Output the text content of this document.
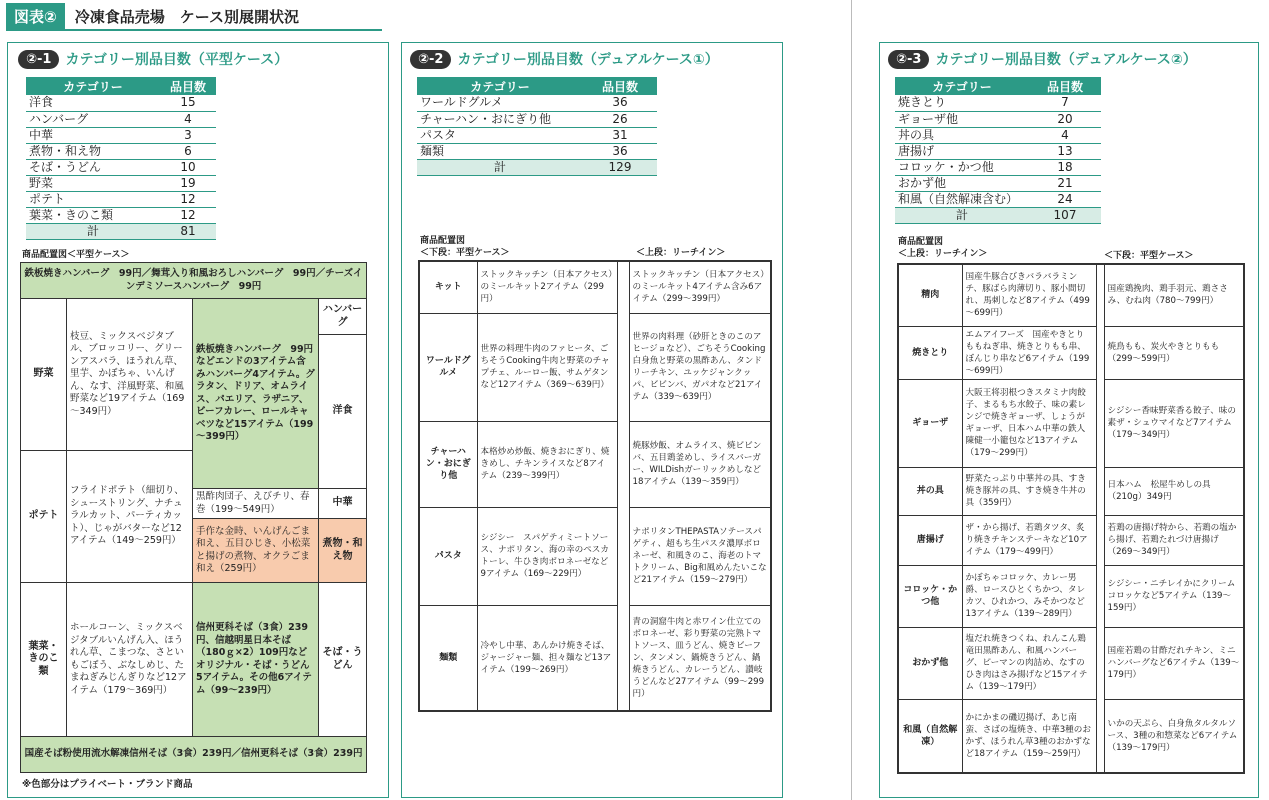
図表②	冷凍食品売場　ケース別展開状況
②-1	カテゴリー別品目数（平型ケース）
カテゴリー	品目数
洋食	15
ハンバーグ	4
中華	3
煮物・和え物	6
そば・うどん	10
野菜	19
ポテト	12
葉菜・きのこ類	12
計	81
商品配置図＜平型ケース＞
鉄板焼きハンバーグ　99円／舞茸入り和風おろしハンバーグ　99円／チーズインデミソースハンバーグ　99円			
野菜	枝豆、ミックスベジタブル、ブロッコリー、グリーンアスパラ、ほうれん草、里芋、かぼちゃ、いんげん、なす、洋風野菜、和風野菜など19アイテム（169～349円）	鉄板焼きハンバーグ　99円などエンドの3アイテム含みハンバーグ4アイテム。グラタン、ドリア、オムライス、パエリア、ラザニア、ビーフカレー、ロールキャベツなど15アイテム（199～399円）	ハンバーグ
			洋食
ポテト	フライドポテト（細切り、シューストリング、ナチュラルカット、パーティカット）、じゃがバターなど12アイテム（149～259円）		
		黒酢肉団子、えびチリ、春巻（199～549円）	中華
		手作な金時、いんげんごま和え、五目ひじき、小松菜と揚げの煮物、オクラごま和え（259円）	煮物・和え物
葉菜・きのこ類	ホールコーン、ミックスベジタブルいんげん入、ほうれん草、こまつな、さといもごぼう、ぶなしめじ、たまねぎみじんぎりなど12アイテム（179～369円）	信州更科そば（3食）239円、信越明星日本そば（180ｇ×2）109円などオリジナル・そば・うどん5アイテム。その他6アイテム（99～239円）	そば・うどん
国産そば粉使用流水解凍信州そば（3食）239円／信州更科そば（3食）239円			
※色部分はプライベート・ブランド商品
②-2	カテゴリー別品目数（デュアルケース①）
カテゴリー	品目数
ワールドグルメ	36
チャーハン・おにぎり他	26
パスタ	31
麺類	36
計	129
商品配置図
＜下段：平型ケース＞	＜上段：リーチイン＞
キット	ストックキッチン（日本アクセス）のミールキット2アイテム（299円）		ストックキッチン（日本アクセス）のミールキット4アイテム含み6アイテム（299～399円）
ワールドグルメ	世界の料理牛肉のファヒータ、ごちそうCooking牛肉と野菜のチャプチェ、ルーロー飯、サムゲタンなど12アイテム（369～639円）		世界の肉料理（砂肝ときのこのアヒージョなど）、ごちそうCooking白身魚と野菜の黒酢あん、タンドリーチキン、ユッケジャンクッパ、ビビンバ、ガパオなど21アイテム（339～639円）
チャーハン・おにぎり他	本格炒め炒飯、焼きおにぎり、焼きめし、チキンライスなど8アイテム（239～399円）		焼豚炒飯、オムライス、焼ビビンバ、五目鶏釜めし、ライスバーガー、WILDishガーリックめしなど18アイテム（139～359円）
パスタ	シジシー　スパゲティミートソース、ナポリタン、海の幸のペスカトーレ、牛ひき肉ボロネーゼなど9アイテム（169～229円）		ナポリタンTHEPASTAソテースパゲティ、超もち生パスタ濃厚ボロネーゼ、和風きのこ、海老のトマトクリーム、Big和風めんたいこなど21アイテム（159～279円）
麺類	冷やし中華、あんかけ焼きそば、ジャージャー麺、担々麺など13アイテム（199～269円）		青の洞窟牛肉と赤ワイン仕立てのボロネーゼ、彩り野菜の完熟トマトソース、皿うどん、焼きビーフン、タンメン、鍋焼きうどん、鍋焼きうどん、カレーうどん、讃岐うどんなど27アイテム（99～299円）
②-3	カテゴリー別品目数（デュアルケース②）
カテゴリー	品目数
焼きとり	7
ギョーザ他	20
丼の具	4
唐揚げ	13
コロッケ・かつ他	18
おかず他	21
和風（自然解凍含む）	24
計	107
商品配置図
＜上段：リーチイン＞	＜下段：平型ケース＞
精肉	国産牛豚合びきバラバラミンチ、豚ばら肉薄切り、豚小間切れ、馬刺しなど8アイテム（499～699円）		国産鶏挽肉、鶏手羽元、鶏ささみ、むね肉（780～799円）
焼きとり	エムアイフーズ　国産やきとりももねぎ串、焼きとりもも串、ぼんじり串など6アイテム（199～699円）		焼鳥もも、炭火やきとりもも（299～599円）
ギョーザ	大阪王将羽根つきスタミナ肉餃子、まるもち水餃子、味の素レンジで焼きギョーザ、しょうがギョーザ、日本ハム中華の鉄人陳健一小籠包など13アイテム（179～299円）		シジシー香味野菜香る餃子、味の素ザ・シュウマイなど7アイテム（179～349円）
丼の具	野菜たっぷり中華丼の具、すき焼き豚丼の具、すき焼き牛丼の具（359円）		日本ハム　松屋牛めしの具（210g）349円
唐揚げ	ザ・から揚げ、若鶏タツタ、炙り焼きチキンステーキなど10アイテム（179～499円）		若鶏の唐揚げ特から、若鶏の塩から揚げ、若鶏たれづけ唐揚げ（269～349円）
コロッケ・かつ他	かぼちゃコロッケ、カレー男爵、ロースひとくちかつ、タレカツ、ひれかつ、みそかつなど13アイテム（139～289円）		シジシー・ニチレイかにクリームコロッケなど5アイテム（139～159円）
おかず他	塩だれ焼きつくね、れんこん鶏竜田黒酢あん、和風ハンバーグ、ピーマンの肉詰め、なすのひき肉はさみ揚げなど15アイテム（139～179円）		国産若鶏の甘酢だれチキン、ミニハンバーグなど6アイテム（139～179円）
和風（自然解凍）	かにかまの磯辺揚げ、あじ南蛮、さばの塩焼き、中華3種のおかず、ほうれん草3種のおかずなど18アイテム（159～259円）		いかの天ぷら、白身魚タルタルソース、3種の和惣菜など6アイテム（139～179円）
